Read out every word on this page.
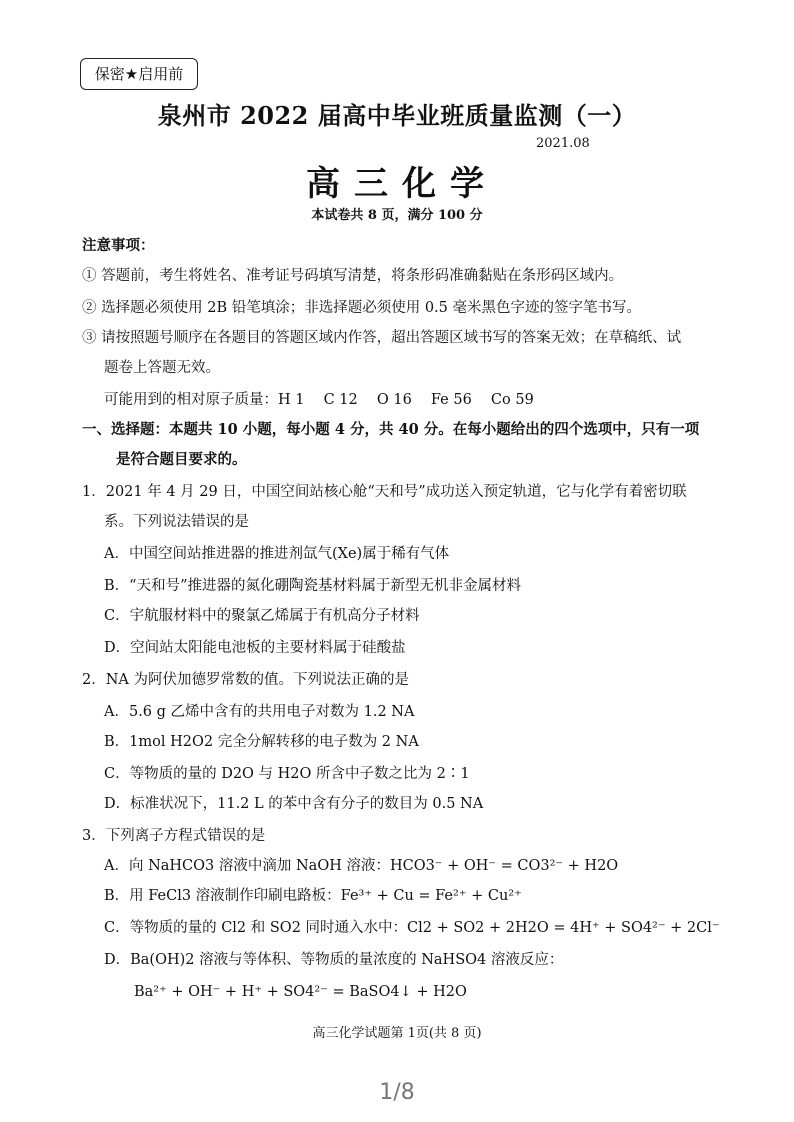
保密★启用前
泉州市 2022 届高中毕业班质量监测（一）
2021.08
高三化学
本试卷共 8 页，满分 100 分
注意事项：
① 答题前，考生将姓名、准考证号码填写清楚，将条形码准确黏贴在条形码区域内。
② 选择题必须使用 2B 铅笔填涂；非选择题必须使用 0.5 毫米黑色字迹的签字笔书写。
③ 请按照题号顺序在各题目的答题区域内作答，超出答题区域书写的答案无效；在草稿纸、试
题卷上答题无效。
可能用到的相对原子质量：H 1　 C 12　 O 16　 Fe 56　 Co 59
一、选择题：本题共 10 小题，每小题 4 分，共 40 分。在每小题给出的四个选项中，只有一项
是符合题目要求的。
1．2021 年 4 月 29 日，中国空间站核心舱“天和号”成功送入预定轨道，它与化学有着密切联
系。下列说法错误的是
A．中国空间站推进器的推进剂氙气(Xe)属于稀有气体
B．“天和号”推进器的氮化硼陶瓷基材料属于新型无机非金属材料
C．宇航服材料中的聚氯乙烯属于有机高分子材料
D．空间站太阳能电池板的主要材料属于硅酸盐
2．NA 为阿伏加德罗常数的值。下列说法正确的是
A．5.6 g 乙烯中含有的共用电子对数为 1.2 NA
B．1mol H2O2 完全分解转移的电子数为 2 NA
C．等物质的量的 D2O 与 H2O 所含中子数之比为 2∶1
D．标准状况下，11.2 L 的苯中含有分子的数目为 0.5 NA
3．下列离子方程式错误的是
A．向 NaHCO3 溶液中滴加 NaOH 溶液：HCO3⁻ + OH⁻ = CO3²⁻ + H2O
B．用 FeCl3 溶液制作印刷电路板：Fe³⁺ + Cu = Fe²⁺ + Cu²⁺
C．等物质的量的 Cl2 和 SO2 同时通入水中：Cl2 + SO2 + 2H2O = 4H⁺ + SO4²⁻ + 2Cl⁻
D．Ba(OH)2 溶液与等体积、等物质的量浓度的 NaHSO4 溶液反应：
Ba²⁺ + OH⁻ + H⁺ + SO4²⁻ = BaSO4↓ + H2O
高三化学试题第 1页(共 8 页)
1/8
